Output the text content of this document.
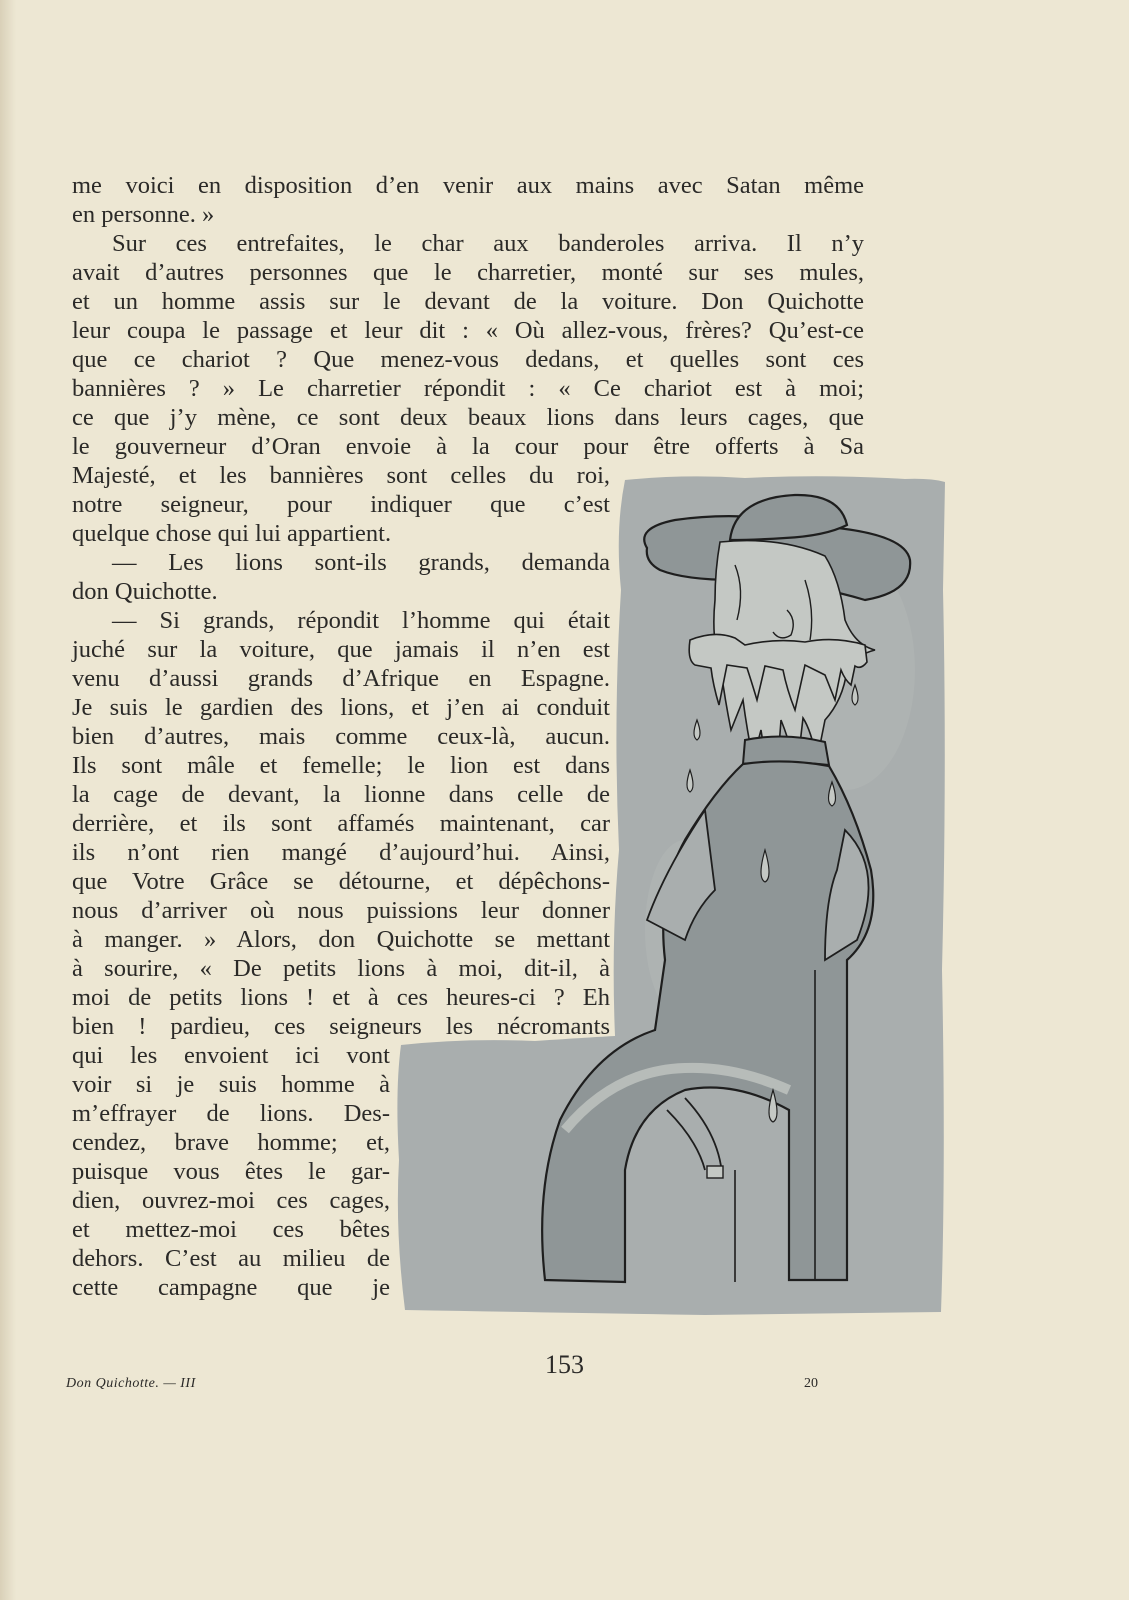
me voici en disposition d’en venir aux mains avec Satan même
en personne. »
Sur ces entrefaites, le char aux banderoles arriva. Il n’y
avait d’autres personnes que le charretier, monté sur ses mules,
et un homme assis sur le devant de la voiture. Don Quichotte
leur coupa le passage et leur dit : « Où allez-vous, frères? Qu’est-ce
que ce chariot ? Que menez-vous dedans, et quelles sont ces
bannières ? » Le charretier répondit : « Ce chariot est à moi;
ce que j’y mène, ce sont deux beaux lions dans leurs cages, que
le gouverneur d’Oran envoie à la cour pour être offerts à Sa
Majesté, et les bannières sont celles du roi,
notre seigneur, pour indiquer que c’est
quelque chose qui lui appartient.
— Les lions sont-ils grands, demanda
don Quichotte.
— Si grands, répondit l’homme qui était
juché sur la voiture, que jamais il n’en est
venu d’aussi grands d’Afrique en Espagne.
Je suis le gardien des lions, et j’en ai conduit
bien d’autres, mais comme ceux-là, aucun.
Ils sont mâle et femelle; le lion est dans
la cage de devant, la lionne dans celle de
derrière, et ils sont affamés maintenant, car
ils n’ont rien mangé d’aujourd’hui. Ainsi,
que Votre Grâce se détourne, et dépêchons-
nous d’arriver où nous puissions leur donner
à manger. » Alors, don Quichotte se mettant
à sourire, « De petits lions à moi, dit-il, à
moi de petits lions ! et à ces heures-ci ? Eh
bien ! pardieu, ces seigneurs les nécromants
qui les envoient ici vont
voir si je suis homme à
m’effrayer de lions. Des-
cendez, brave homme; et,
puisque vous êtes le gar-
dien, ouvrez-moi ces cages,
et mettez-moi ces bêtes
dehors. C’est au milieu de
cette campagne que je
153
Don Quichotte. — III	20
